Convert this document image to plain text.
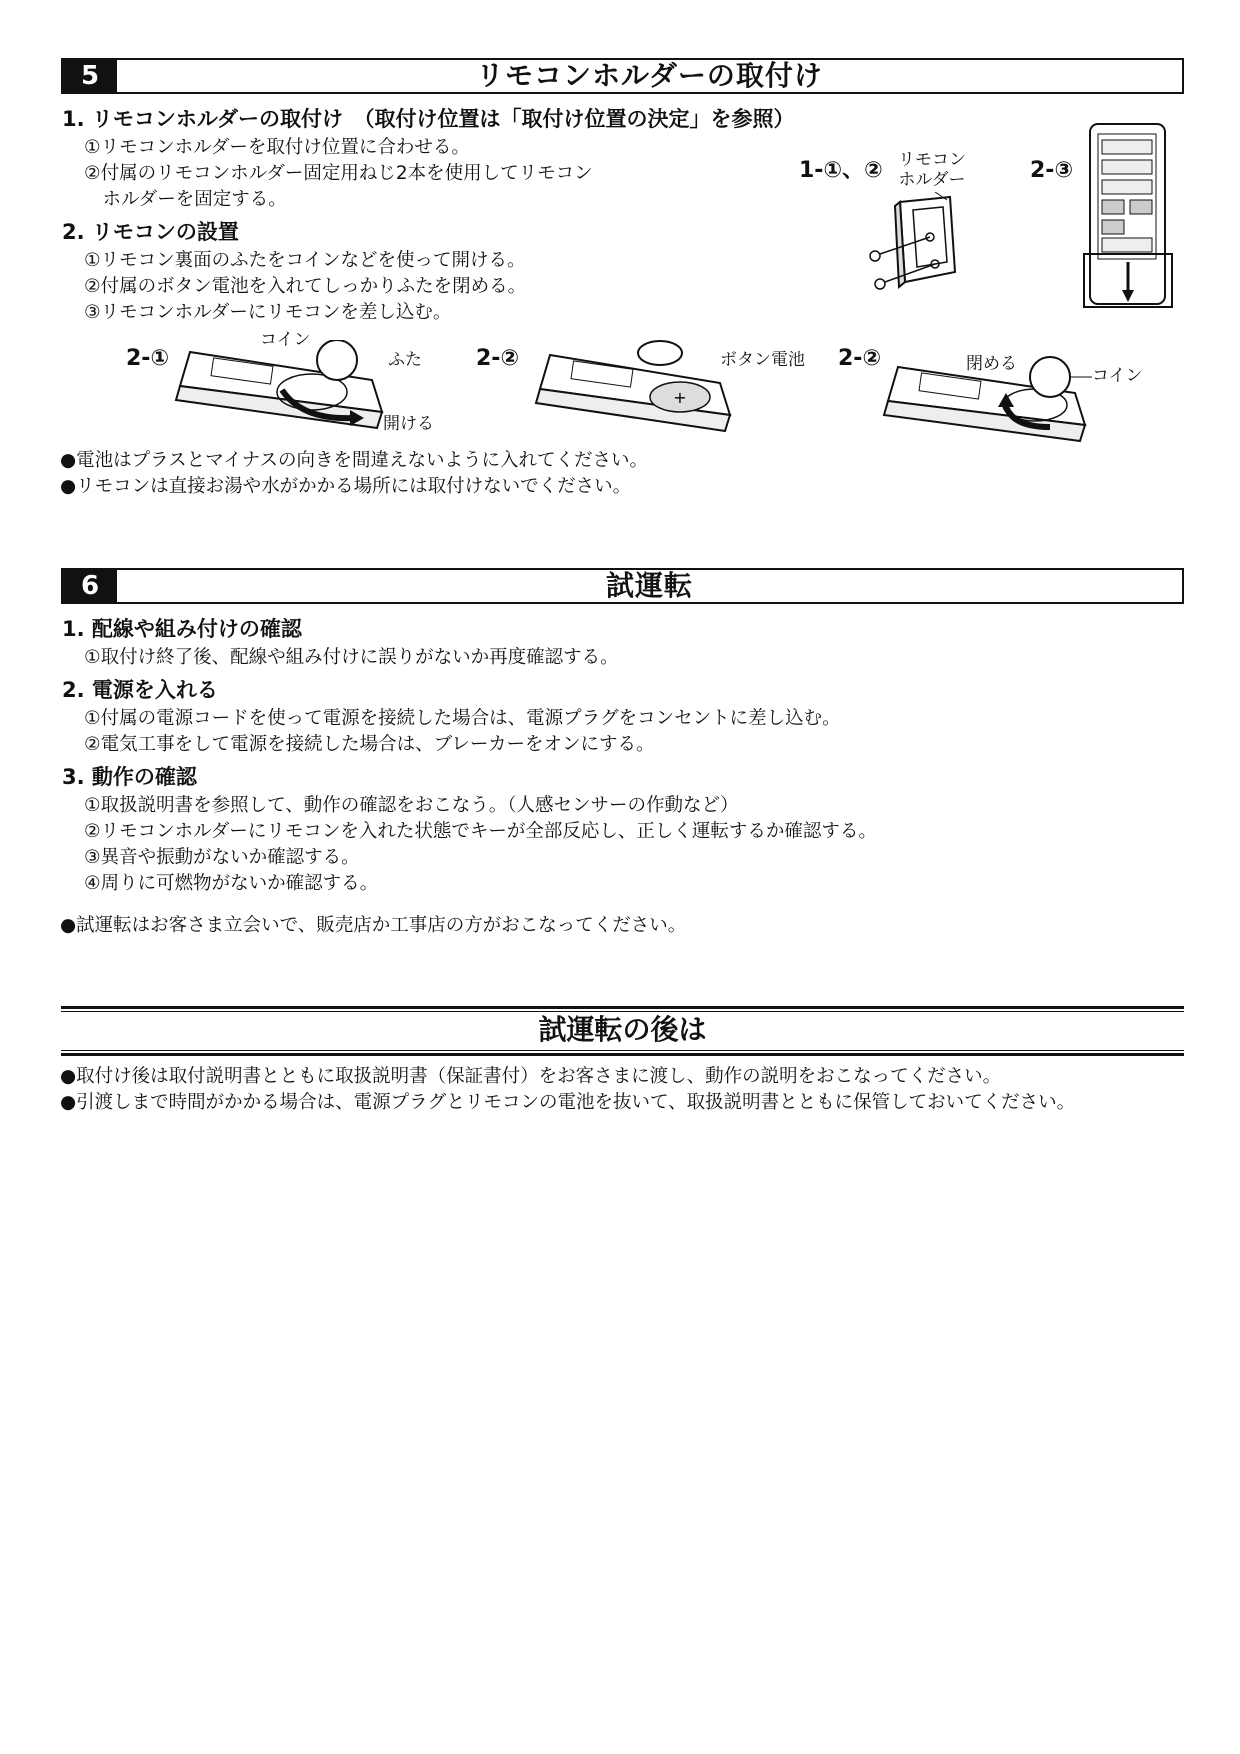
5	リモコンホルダーの取付け
1. リモコンホルダーの取付け　（取付け位置は「取付け位置の決定」を参照）
①リモコンホルダーを取付け位置に合わせる。
②付属のリモコンホルダー固定用ねじ2本を使用してリモコン
　ホルダーを固定する。
2. リモコンの設置
①リモコン裏面のふたをコインなどを使って開ける。
②付属のボタン電池を入れてしっかりふたを閉める。
③リモコンホルダーにリモコンを差し込む。
1-①、② リモコン
ホルダー	2-③
2-①
コイン
ふた
開ける
2-②	ボタン電池
+
2-②	閉める
コイン
●電池はプラスとマイナスの向きを間違えないように入れてください。
●リモコンは直接お湯や水がかかる場所には取付けないでください。
6	試運転
1. 配線や組み付けの確認
①取付け終了後、配線や組み付けに誤りがないか再度確認する。
2. 電源を入れる
①付属の電源コードを使って電源を接続した場合は、電源プラグをコンセントに差し込む。
②電気工事をして電源を接続した場合は、ブレーカーをオンにする。
3. 動作の確認
①取扱説明書を参照して、動作の確認をおこなう。（人感センサーの作動など）
②リモコンホルダーにリモコンを入れた状態でキーが全部反応し、正しく運転するか確認する。
③異音や振動がないか確認する。
④周りに可燃物がないか確認する。
●試運転はお客さま立会いで、販売店か工事店の方がおこなってください。
試運転の後は
●取付け後は取付説明書とともに取扱説明書（保証書付）をお客さまに渡し、動作の説明をおこなってください。
●引渡しまで時間がかかる場合は、電源プラグとリモコンの電池を抜いて、取扱説明書とともに保管しておいてください。
